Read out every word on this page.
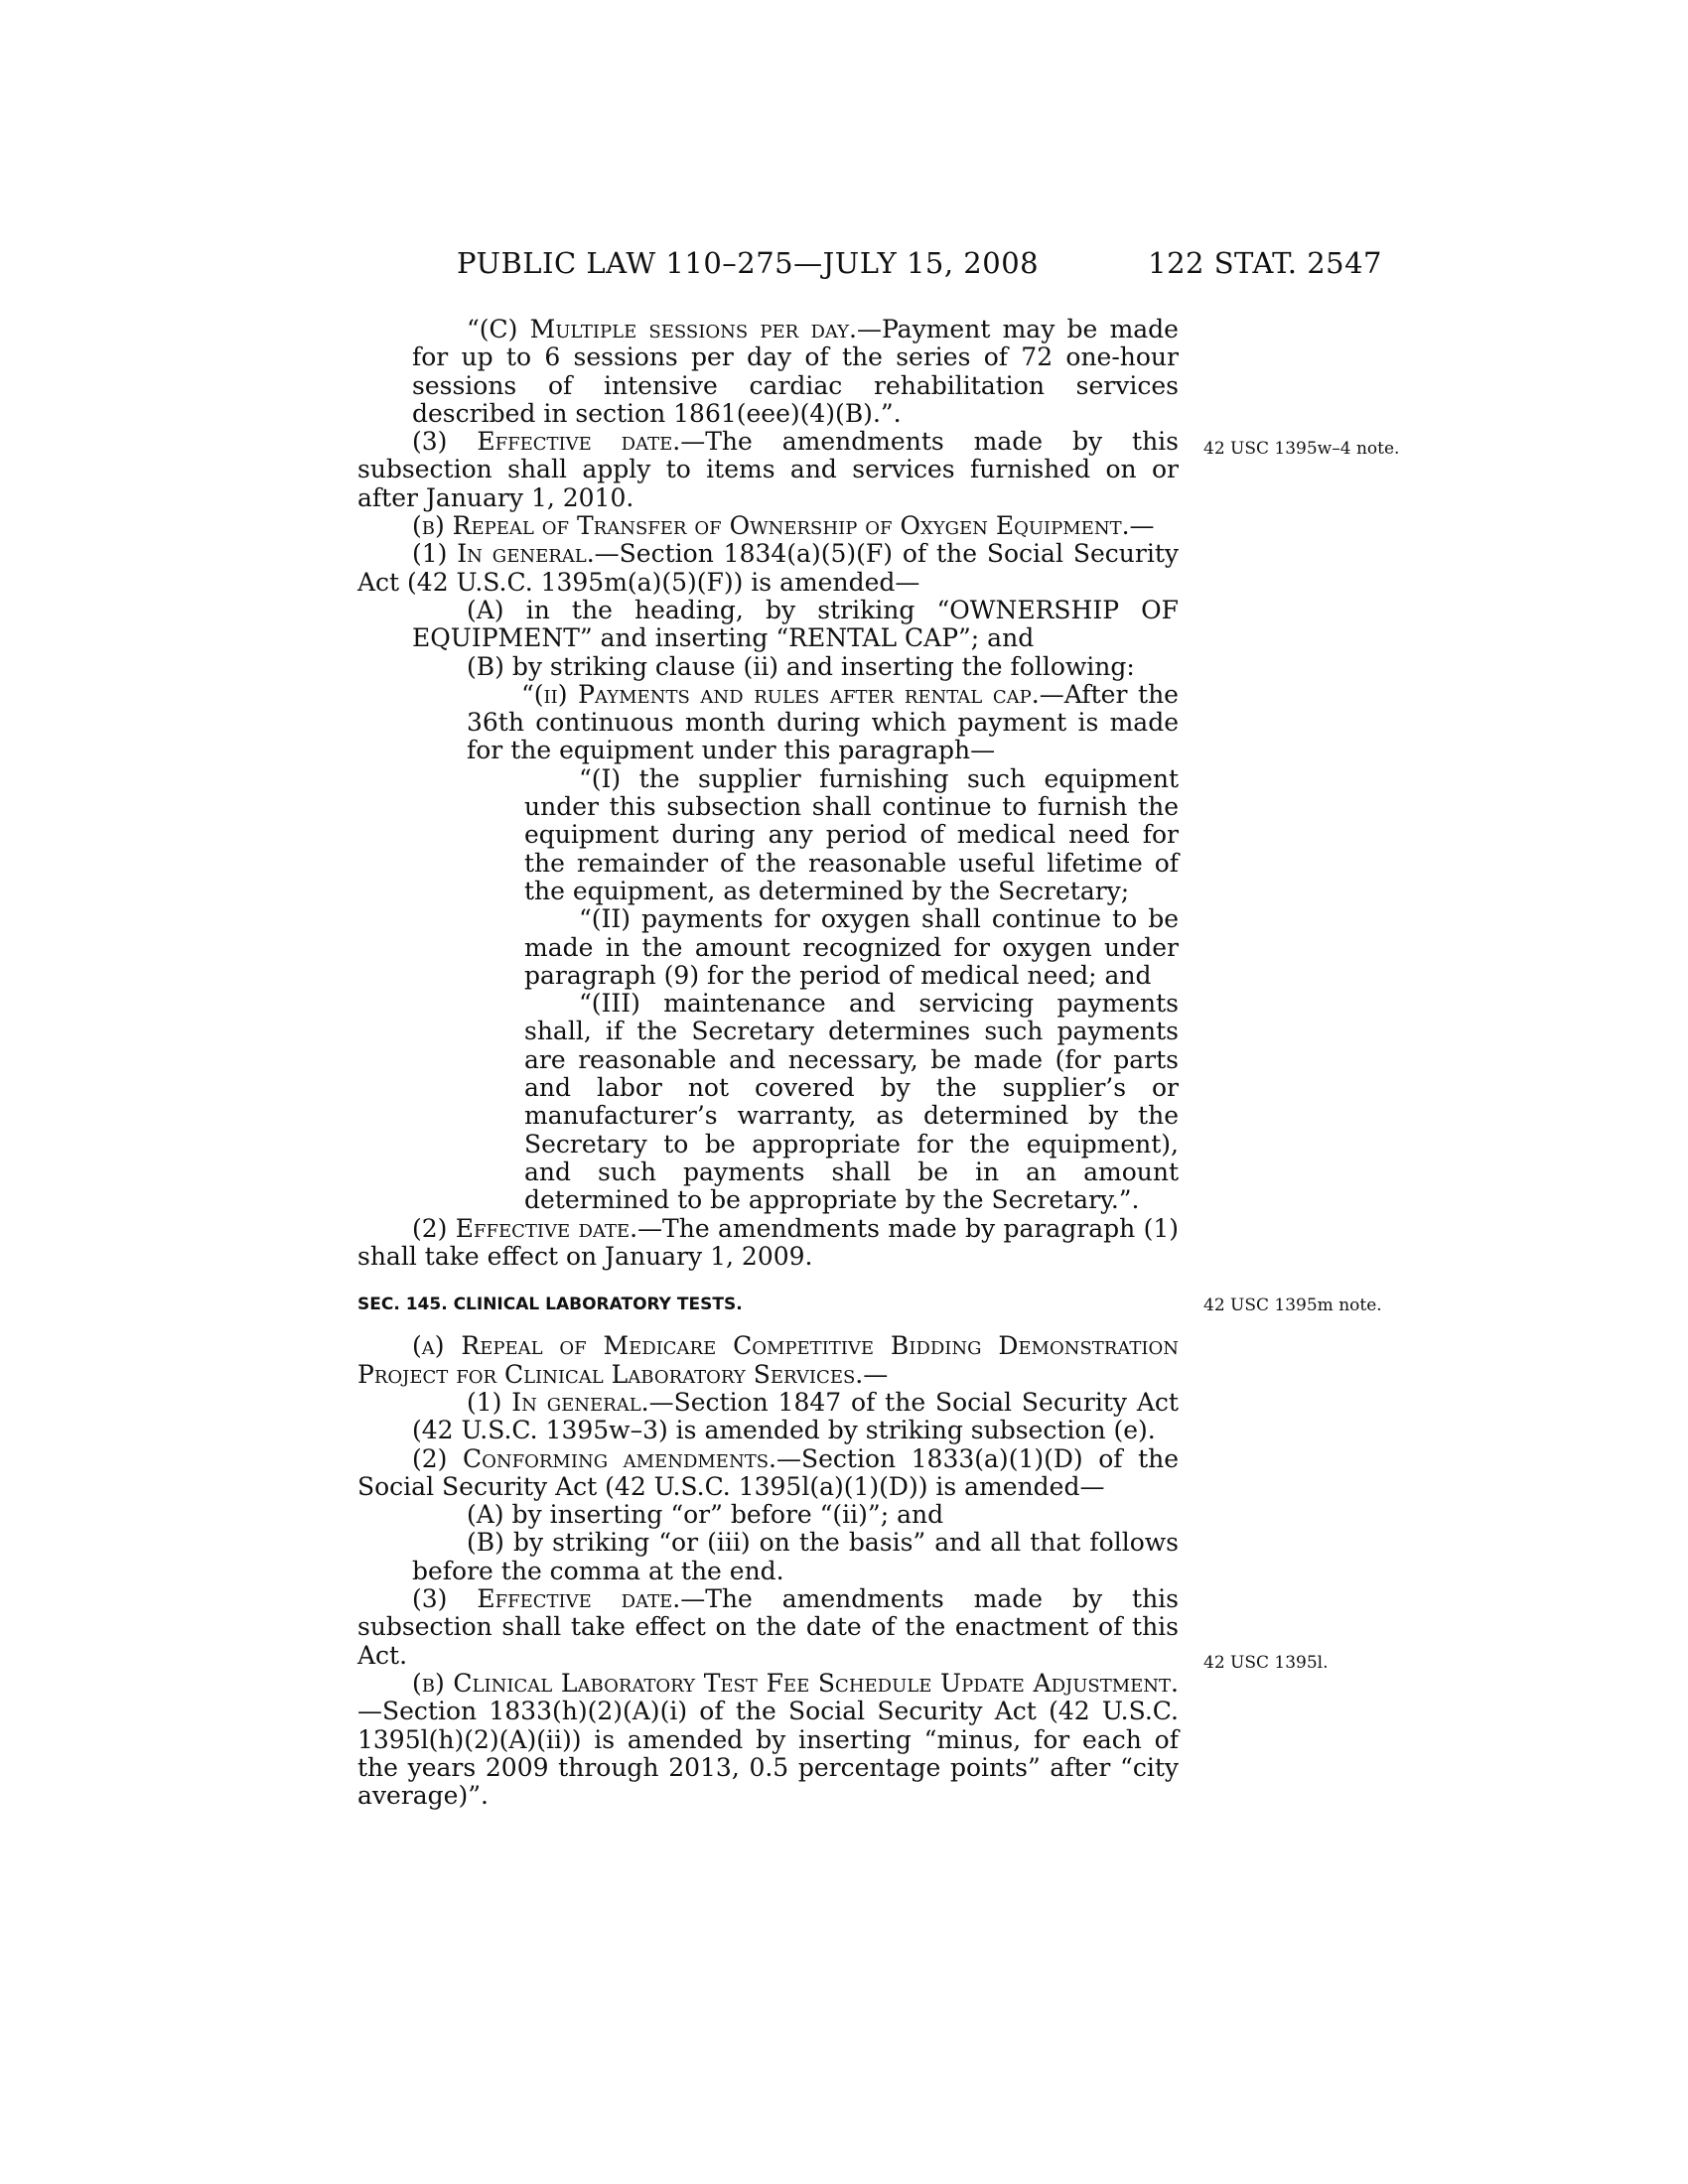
PUBLIC LAW 110–275—JULY 15, 2008	122 STAT. 2547
42 USC 1395w–4 note.
42 USC 1395m note.
42 USC 1395l.

“(C) Multiple sessions per day.—Payment may be made for up to 6 sessions per day of the series of 72 one-hour sessions of intensive cardiac rehabilitation services described in section 1861(eee)(4)(B).”.

(3) Effective date.—The amendments made by this subsection shall apply to items and services furnished on or after January 1, 2010.

(b) Repeal of Transfer of Ownership of Oxygen Equipment.—

(1) In general.—Section 1834(a)(5)(F) of the Social Security Act (42 U.S.C. 1395m(a)(5)(F)) is amended—

(A) in the heading, by striking “OWNERSHIP OF EQUIPMENT” and inserting “RENTAL CAP”; and

(B) by striking clause (ii) and inserting the following:

“(ii) Payments and rules after rental cap.—After the 36th continuous month during which payment is made for the equipment under this paragraph—

“(I) the supplier furnishing such equipment under this subsection shall continue to furnish the equipment during any period of medical need for the remainder of the reasonable useful lifetime of the equipment, as determined by the Secretary;

“(II) payments for oxygen shall continue to be made in the amount recognized for oxygen under paragraph (9) for the period of medical need; and

“(III) maintenance and servicing payments shall, if the Secretary determines such payments are reasonable and necessary, be made (for parts and labor not covered by the supplier’s or manufacturer’s warranty, as determined by the Secretary to be appropriate for the equipment), and such payments shall be in an amount determined to be appropriate by the Secretary.”.

(2) Effective date.—The amendments made by paragraph (1) shall take effect on January 1, 2009.

SEC. 145. CLINICAL LABORATORY TESTS.

(a) Repeal of Medicare Competitive Bidding Demonstration Project for Clinical Laboratory Services.—

(1) In general.—Section 1847 of the Social Security Act (42 U.S.C. 1395w–3) is amended by striking subsection (e).

(2) Conforming amendments.—Section 1833(a)(1)(D) of the Social Security Act (42 U.S.C. 1395l(a)(1)(D)) is amended—

(A) by inserting “or” before “(ii)”; and

(B) by striking “or (iii) on the basis” and all that follows before the comma at the end.

(3) Effective date.—The amendments made by this subsection shall take effect on the date of the enactment of this Act.

(b) Clinical Laboratory Test Fee Schedule Update Adjustment.—Section 1833(h)(2)(A)(i) of the Social Security Act (42 U.S.C. 1395l(h)(2)(A)(ii)) is amended by inserting “minus, for each of the years 2009 through 2013, 0.5 percentage points” after “city average)”.
